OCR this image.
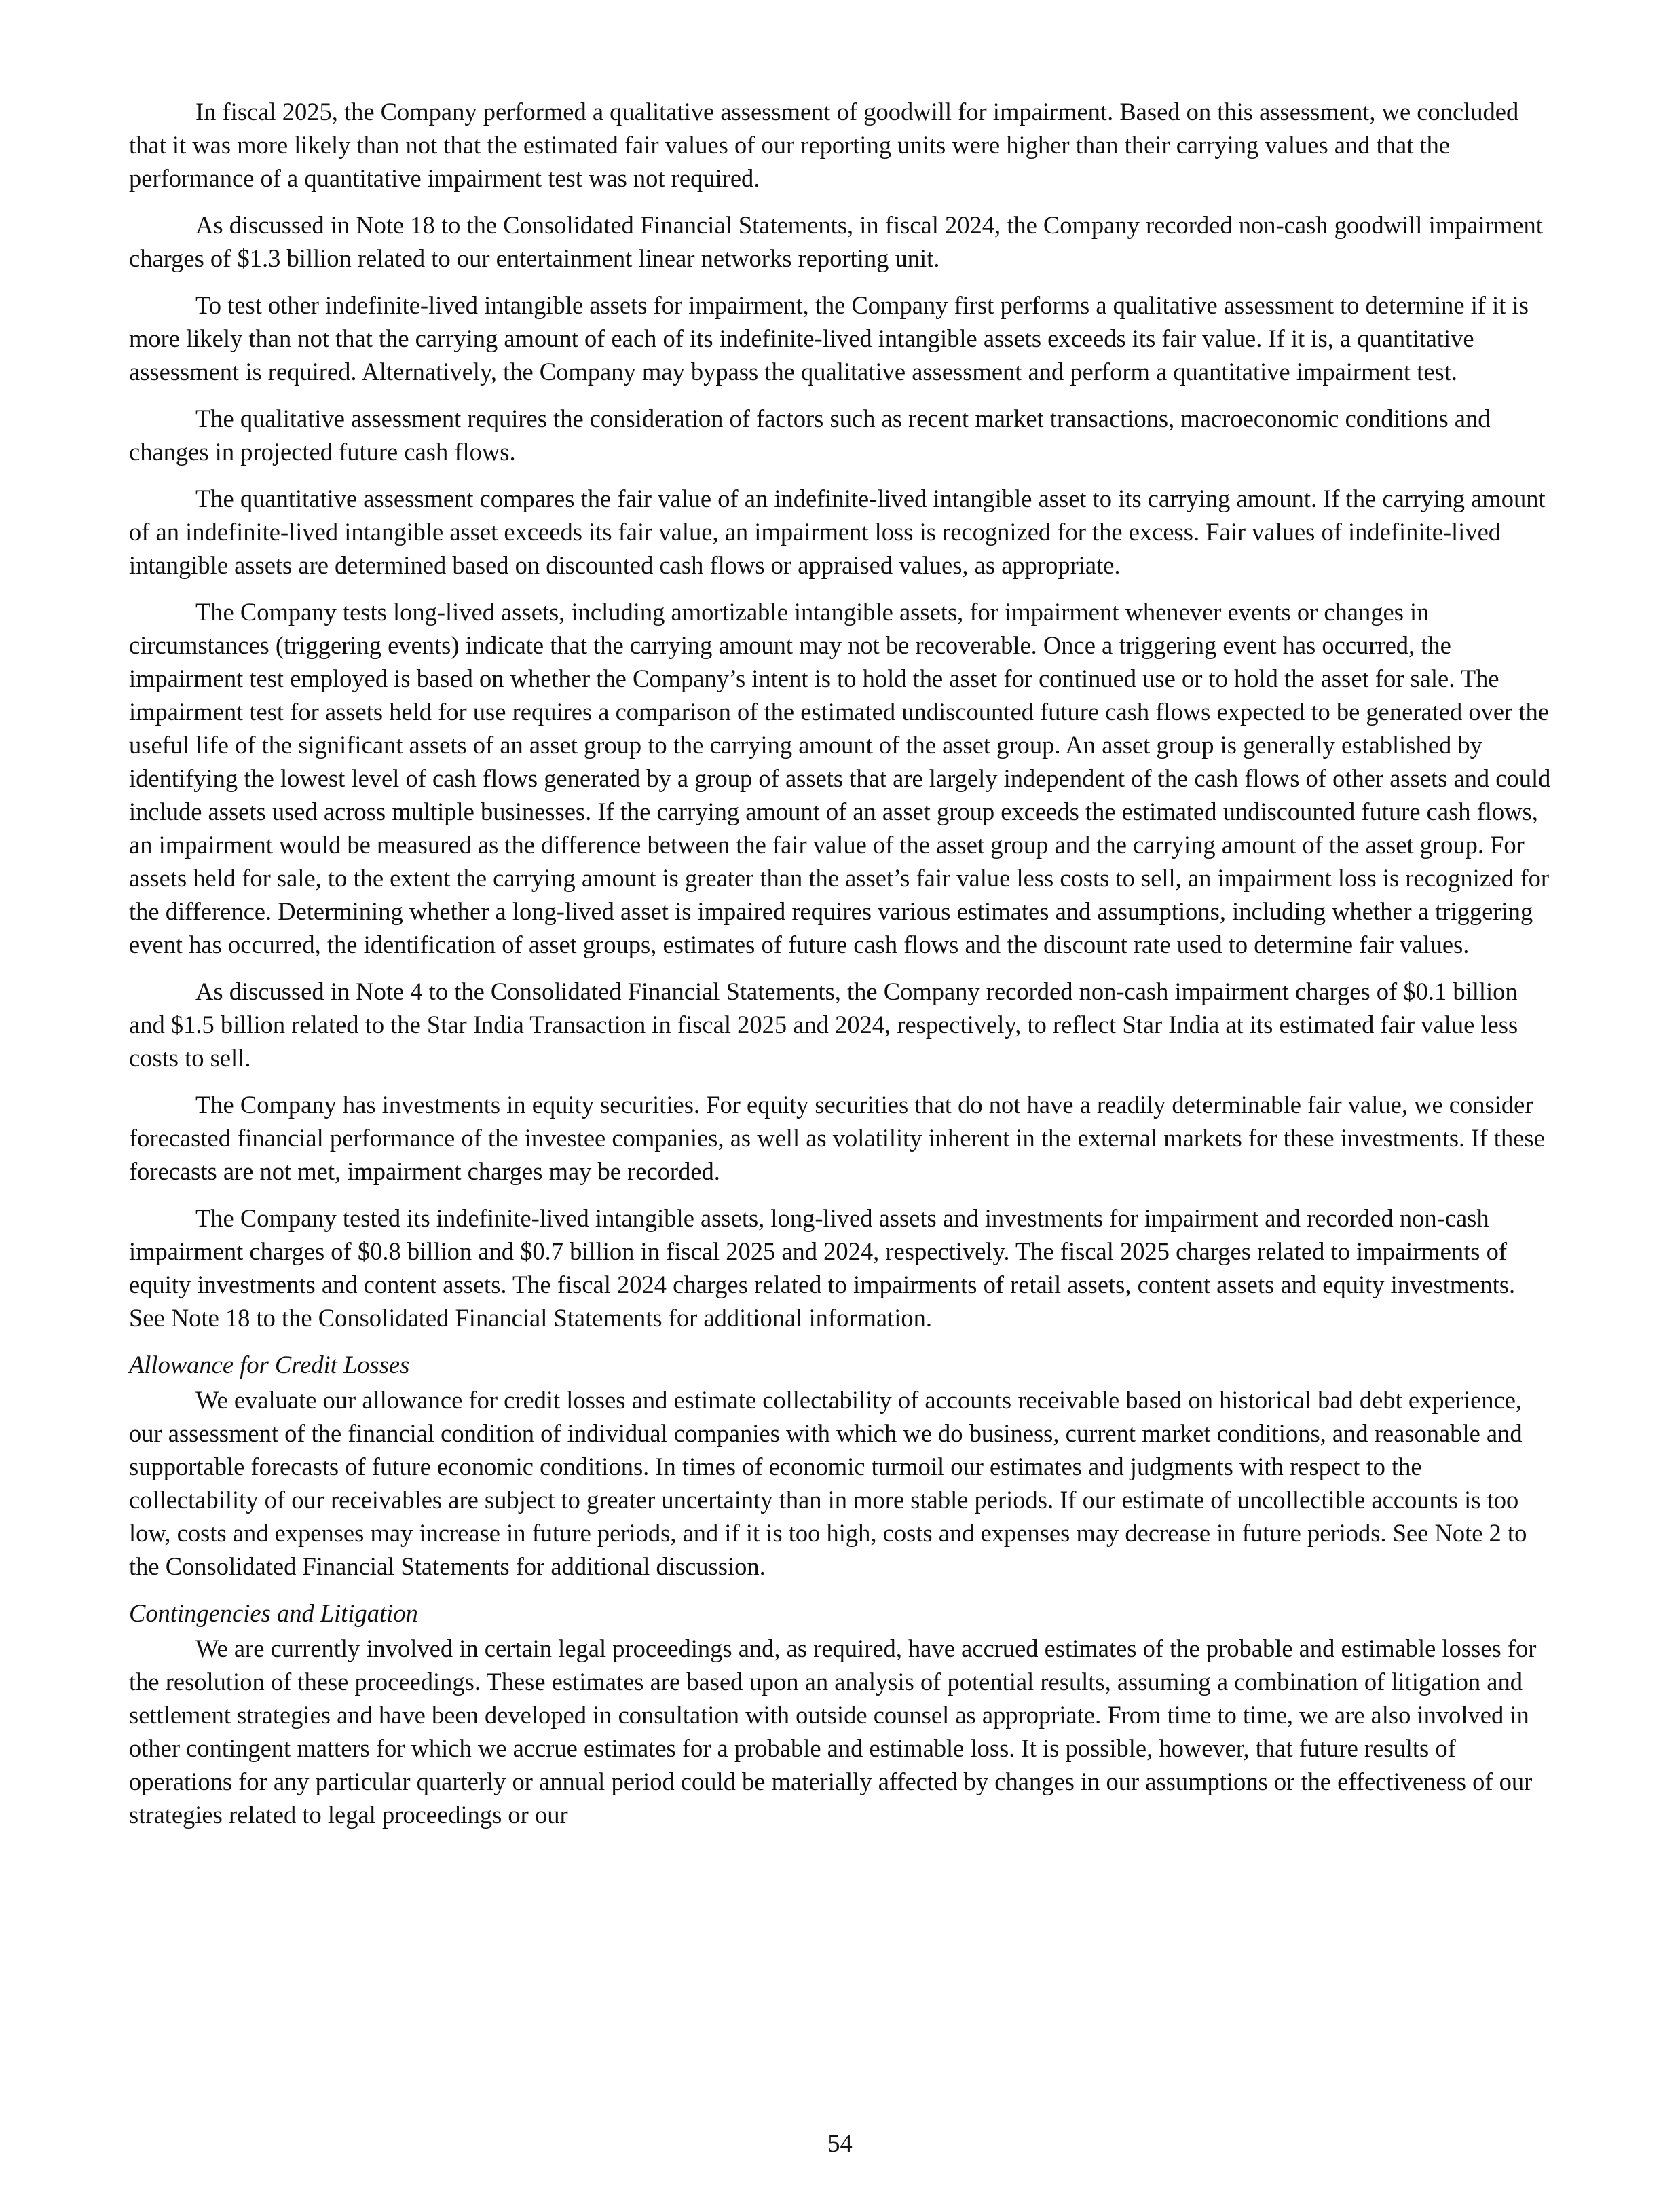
In fiscal 2025, the Company performed a qualitative assessment of goodwill for impairment. Based on this assessment, we concluded that it was more likely than not that the estimated fair values of our reporting units were higher than their carrying values and that the performance of a quantitative impairment test was not required.

As discussed in Note 18 to the Consolidated Financial Statements, in fiscal 2024, the Company recorded non-cash goodwill impairment charges of $1.3 billion related to our entertainment linear networks reporting unit.

To test other indefinite-lived intangible assets for impairment, the Company first performs a qualitative assessment to determine if it is more likely than not that the carrying amount of each of its indefinite-lived intangible assets exceeds its fair value. If it is, a quantitative assessment is required. Alternatively, the Company may bypass the qualitative assessment and perform a quantitative impairment test.

The qualitative assessment requires the consideration of factors such as recent market transactions, macroeconomic conditions and changes in projected future cash flows.

The quantitative assessment compares the fair value of an indefinite-lived intangible asset to its carrying amount. If the carrying amount of an indefinite-lived intangible asset exceeds its fair value, an impairment loss is recognized for the excess. Fair values of indefinite-lived intangible assets are determined based on discounted cash flows or appraised values, as appropriate.

The Company tests long-lived assets, including amortizable intangible assets, for impairment whenever events or changes in circumstances (triggering events) indicate that the carrying amount may not be recoverable. Once a triggering event has occurred, the impairment test employed is based on whether the Company’s intent is to hold the asset for continued use or to hold the asset for sale. The impairment test for assets held for use requires a comparison of the estimated undiscounted future cash flows expected to be generated over the useful life of the significant assets of an asset group to the carrying amount of the asset group. An asset group is generally established by identifying the lowest level of cash flows generated by a group of assets that are largely independent of the cash flows of other assets and could include assets used across multiple businesses. If the carrying amount of an asset group exceeds the estimated undiscounted future cash flows, an impairment would be measured as the difference between the fair value of the asset group and the carrying amount of the asset group. For assets held for sale, to the extent the carrying amount is greater than the asset’s fair value less costs to sell, an impairment loss is recognized for the difference. Determining whether a long-lived asset is impaired requires various estimates and assumptions, including whether a triggering event has occurred, the identification of asset groups, estimates of future cash flows and the discount rate used to determine fair values.

As discussed in Note 4 to the Consolidated Financial Statements, the Company recorded non-cash impairment charges of $0.1 billion and $1.5 billion related to the Star India Transaction in fiscal 2025 and 2024, respectively, to reflect Star India at its estimated fair value less costs to sell.

The Company has investments in equity securities. For equity securities that do not have a readily determinable fair value, we consider forecasted financial performance of the investee companies, as well as volatility inherent in the external markets for these investments. If these forecasts are not met, impairment charges may be recorded.

The Company tested its indefinite-lived intangible assets, long-lived assets and investments for impairment and recorded non-cash impairment charges of $0.8 billion and $0.7 billion in fiscal 2025 and 2024, respectively. The fiscal 2025 charges related to impairments of equity investments and content assets. The fiscal 2024 charges related to impairments of retail assets, content assets and equity investments. See Note 18 to the Consolidated Financial Statements for additional information.

Allowance for Credit Losses

We evaluate our allowance for credit losses and estimate collectability of accounts receivable based on historical bad debt experience, our assessment of the financial condition of individual companies with which we do business, current market conditions, and reasonable and supportable forecasts of future economic conditions. In times of economic turmoil our estimates and judgments with respect to the collectability of our receivables are subject to greater uncertainty than in more stable periods. If our estimate of uncollectible accounts is too low, costs and expenses may increase in future periods, and if it is too high, costs and expenses may decrease in future periods. See Note 2 to the Consolidated Financial Statements for additional discussion.

Contingencies and Litigation

We are currently involved in certain legal proceedings and, as required, have accrued estimates of the probable and estimable losses for the resolution of these proceedings. These estimates are based upon an analysis of potential results, assuming a combination of litigation and settlement strategies and have been developed in consultation with outside counsel as appropriate. From time to time, we are also involved in other contingent matters for which we accrue estimates for a probable and estimable loss. It is possible, however, that future results of operations for any particular quarterly or annual period could be materially affected by changes in our assumptions or the effectiveness of our strategies related to legal proceedings or our

54
